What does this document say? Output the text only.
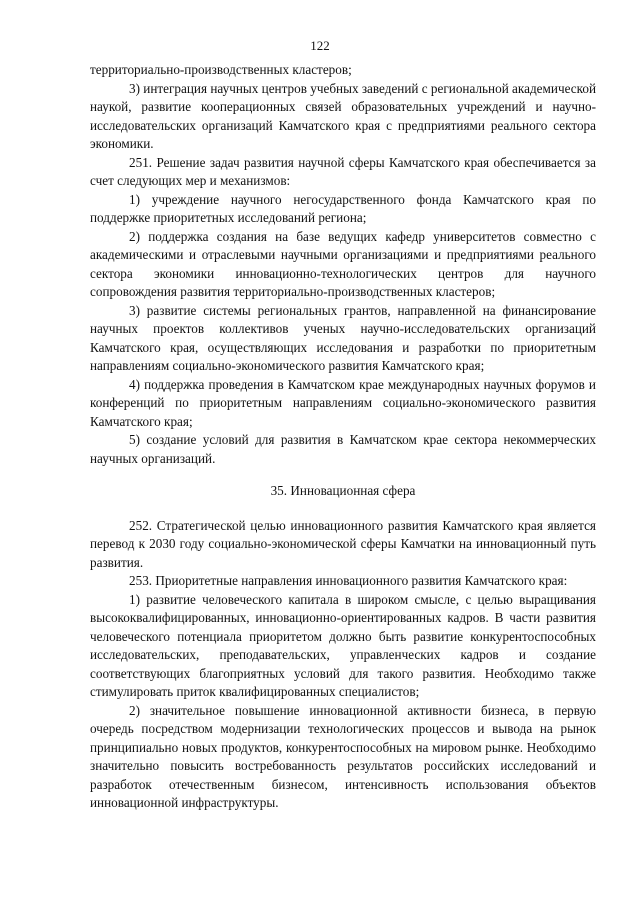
122

территориально-производственных кластеров;

3) интеграция научных центров учебных заведений с региональной академической наукой, развитие кооперационных связей образовательных учреждений и научно-исследовательских организаций Камчатского края с предприятиями реального сектора экономики.

251. Решение задач развития научной сферы Камчатского края обеспечивается за счет следующих мер и механизмов:

1) учреждение научного негосударственного фонда Камчатского края по поддержке приоритетных исследований региона;

2) поддержка создания на базе ведущих кафедр университетов совместно с академическими и отраслевыми научными организациями и предприятиями реального сектора экономики инновационно-технологических центров для научного сопровождения развития территориально-производственных кластеров;

3) развитие системы региональных грантов, направленной на финансирование научных проектов коллективов ученых научно-исследовательских организаций Камчатского края, осуществляющих исследования и разработки по приоритетным направлениям социально-экономического развития Камчатского края;

4) поддержка проведения в Камчатском крае международных научных форумов и конференций по приоритетным направлениям социально-экономического развития Камчатского края;

5) создание условий для развития в Камчатском крае сектора некоммерческих научных организаций.

35. Инновационная сфера

252. Стратегической целью инновационного развития Камчатского края является перевод к 2030 году социально-экономической сферы Камчатки на инновационный путь развития.

253. Приоритетные направления инновационного развития Камчатского края:

1) развитие человеческого капитала в широком смысле, с целью выращивания высококвалифицированных, инновационно-ориентированных кадров. В части развития человеческого потенциала приоритетом должно быть развитие конкурентоспособных исследовательских, преподавательских, управленческих кадров и создание соответствующих благоприятных условий для такого развития. Необходимо также стимулировать приток квалифицированных специалистов;

2) значительное повышение инновационной активности бизнеса, в первую очередь посредством модернизации технологических процессов и вывода на рынок принципиально новых продуктов, конкурентоспособных на мировом рынке. Необходимо значительно повысить востребованность результатов российских исследований и разработок отечественным бизнесом, интенсивность использования объектов инновационной инфраструктуры.
